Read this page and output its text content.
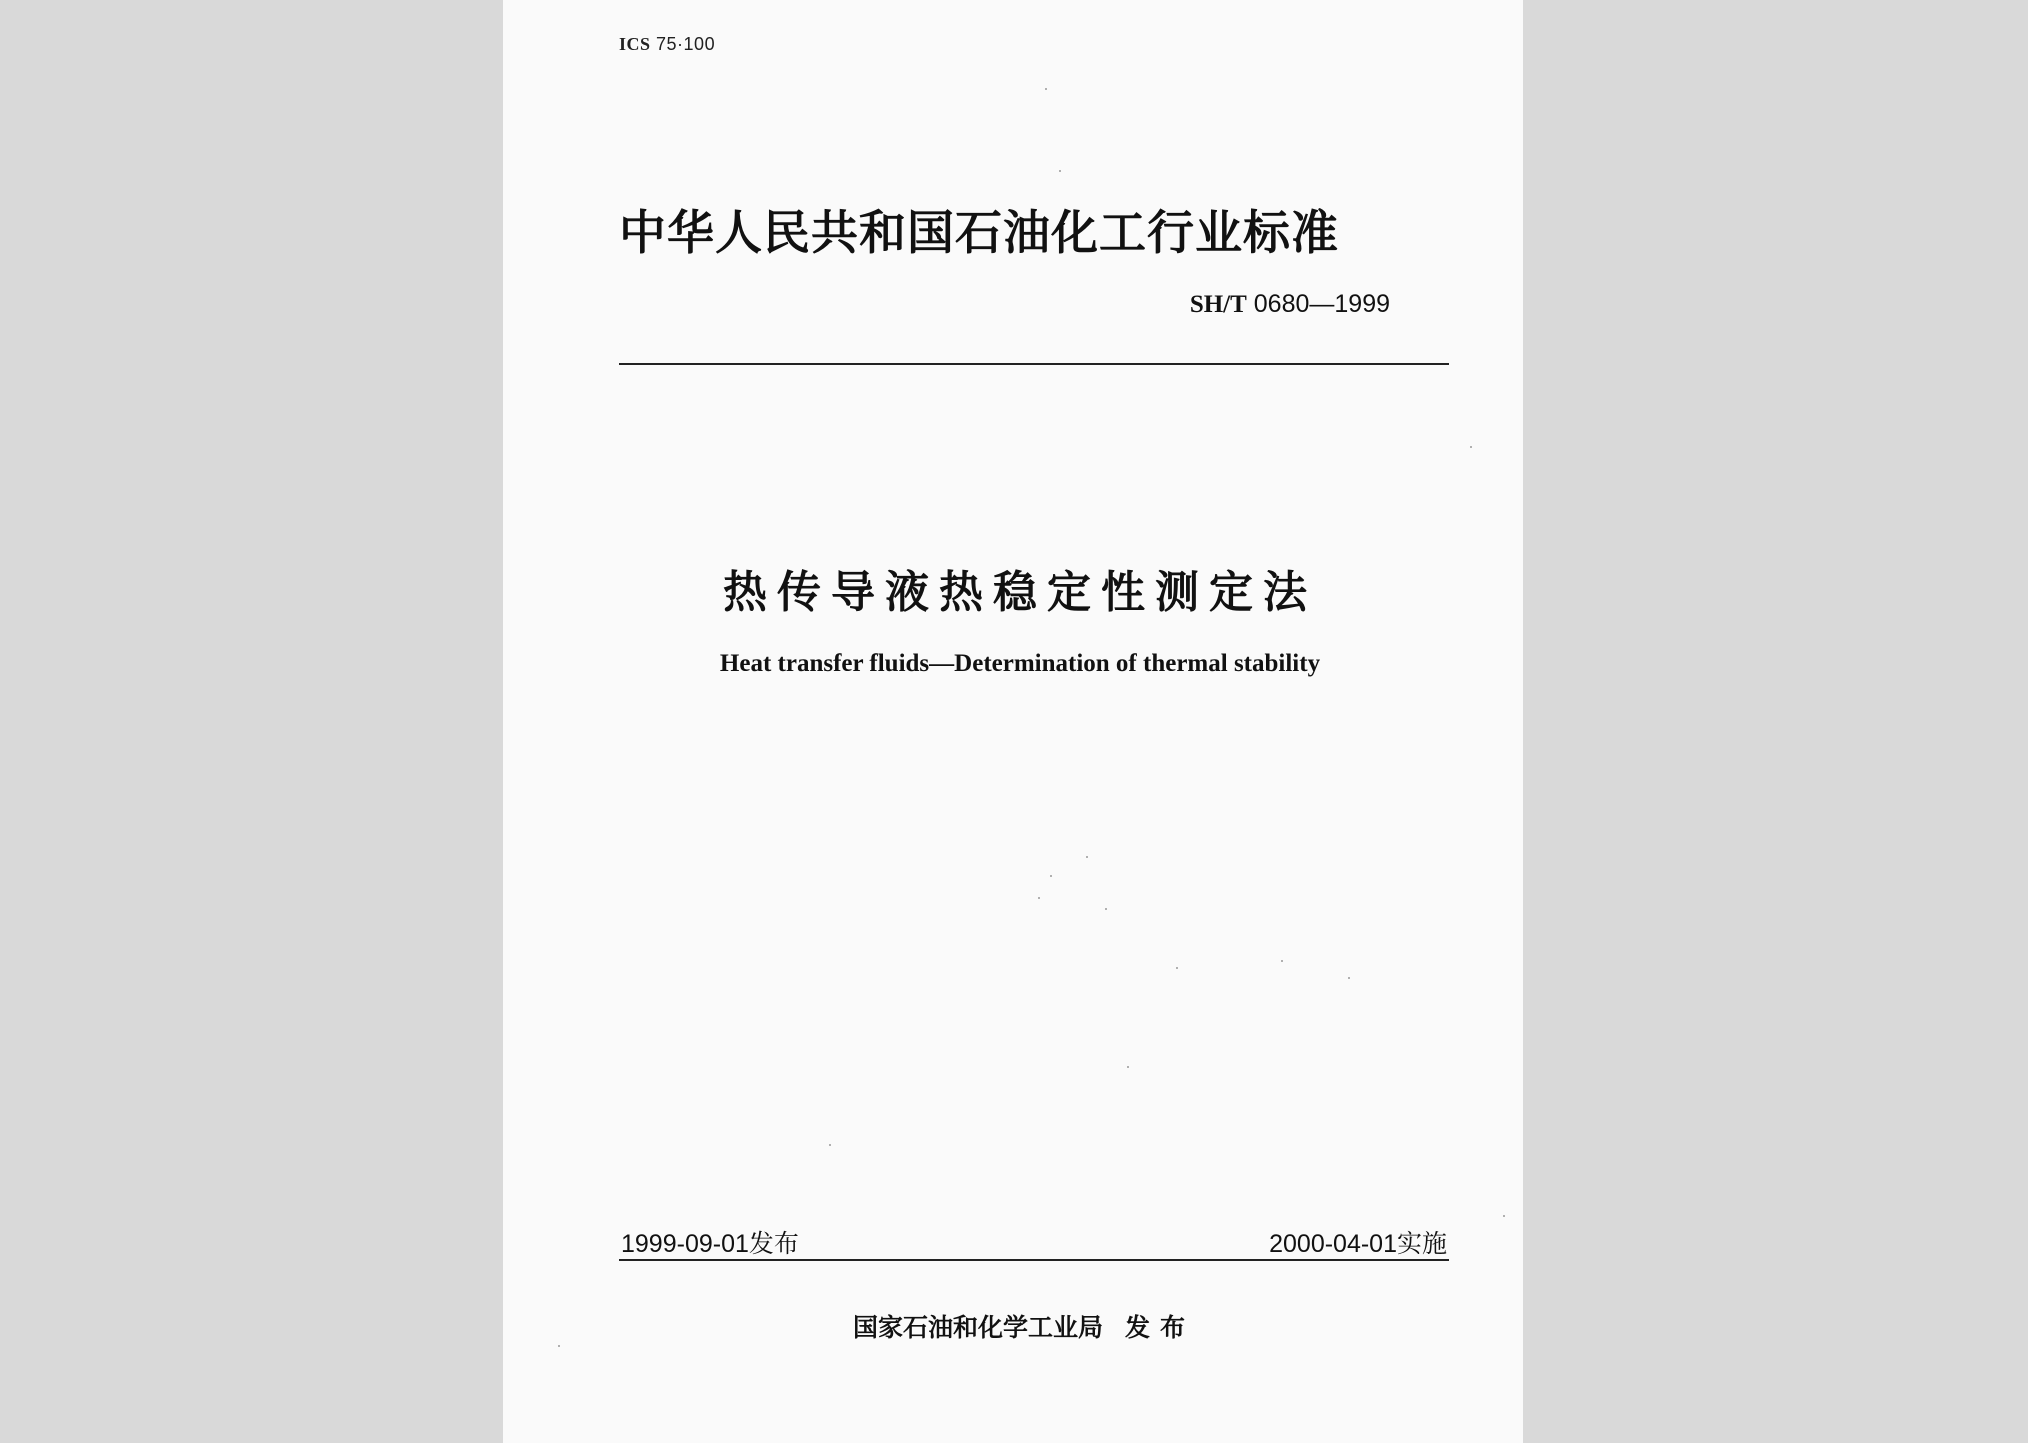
ICS 75·100
中华人民共和国石油化工行业标准
SH/T 0680—1999
热传导液热稳定性测定法
Heat transfer fluids—Determination of thermal stability
1999-09-01发布	2000-04-01实施
国家石油和化学工业局 发布
